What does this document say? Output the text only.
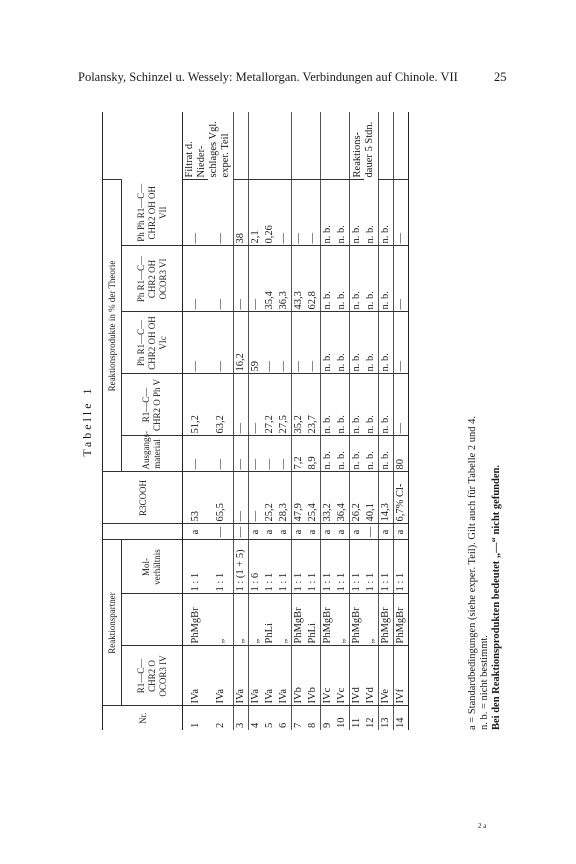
Polansky, Schinzel u. Wessely: Metallorgan. Verbindungen auf Chinole. VII	25
Tabelle 1
Nr.	Reaktionspartner				R3COOH	Reaktionsprodukte in % der Theorie					
	R1—C—CHR2 O OCOR3 IV		Mol-verhältnis			Ausgangs-material	R1—C—CHR2 O Ph V	Ph R1—C—CHR2 OH OH VIc	Ph R1—C—CHR2 OH OCOR3 VI	Ph Ph R1—C—CHR2 OH OH VII	
1	IVa	PhMgBr	1 : 1	a	53	—	51,2	—	—	—	Filtrat d. Nieder-schlages Vgl. exper. Teil
2	IVa	„	1 : 1	—	65,5	—	63,2	—	—	—	
3	IVa	„	1 : (1 + 5)	—	—	—	—	16,2	—	38	
4	IVa	„	1 : 6	a	—	—	—	59	—	2,1	
5	IVa	PhLi	1 : 1	a	25,2	—	27,2	—	35,4	0,26	
6	IVa	„	1 : 1	a	28,3	—	27,5	—	36,3	—	
7	IVb	PhMgBr	1 : 1	a	47,9	7,2	35,2	—	43,3	—	
8	IVb	PhLi	1 : 1	a	25,4	8,9	23,7	—	62,8	—	
9	IVc	PhMgBr	1 : 1	a	33,2	n. b.	n. b.	n. b.	n. b.	n. b.	
10	IVc	„	1 : 1	a	36,4	n. b.	n. b.	n. b.	n. b.	n. b.	
11	IVd	PhMgBr	1 : 1	a	26,2	n. b.	n. b.	n. b.	n. b.	n. b.	Reaktions-dauer 5 Stdn.
12	IVd	„	1 : 1	—	40,1	n. b.	n. b.	n. b.	n. b.	n. b.	
13	IVe	PhMgBr	1 : 1	a	14,3	n. b.	n. b.	n. b.	n. b.	n. b.	
14	IVf	PhMgBr	1 : 1	a	6,7% Cl-	80	—	—	—	—	
a = Standardbedingungen (siehe exper. Teil). Gilt auch für Tabelle 2 und 4. n. b. = nicht bestimmt. Bei den Reaktionsprodukten bedeutet „—“ nicht gefunden.
2 a
